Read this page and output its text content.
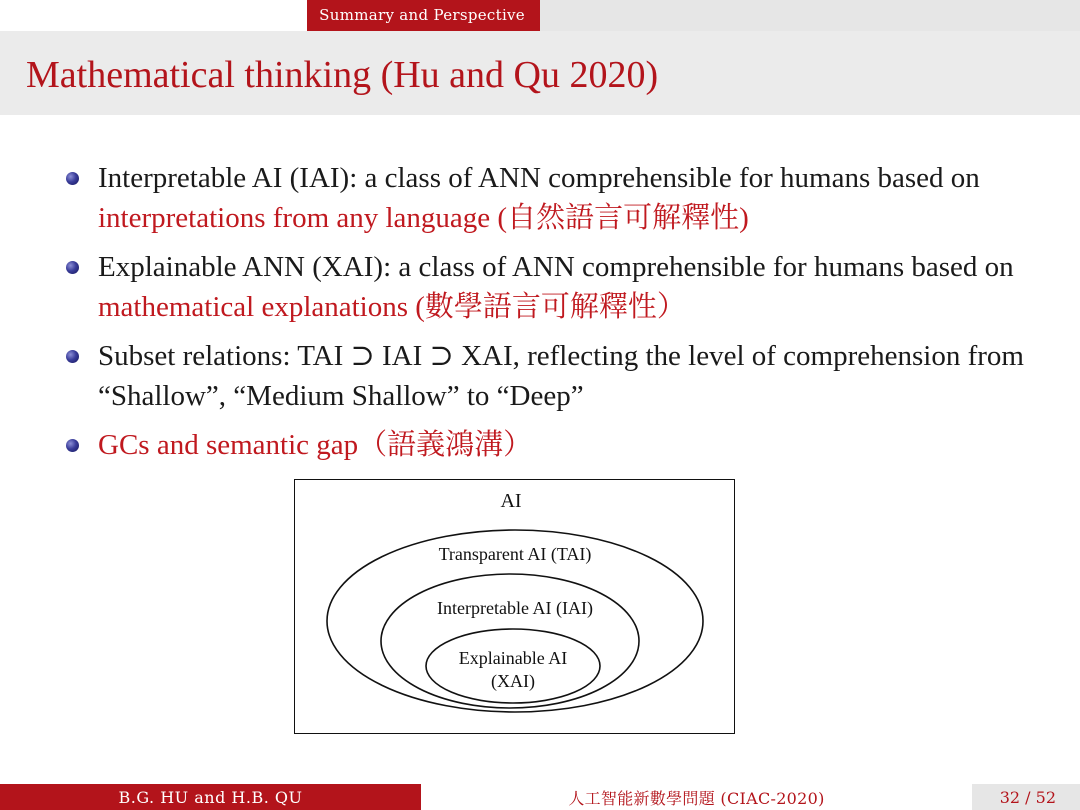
Summary and Perspective
Mathematical thinking (Hu and Qu 2020)
Interpretable AI (IAI): a class of ANN comprehensible for humans based on interpretations from any language (自然語言可解釋性)
Explainable ANN (XAI): a class of ANN comprehensible for humans based on mathematical explanations (數學語言可解釋性）
Subset relations: TAI ⊃ IAI ⊃ XAI, reflecting the level of comprehension from “Shallow”, “Medium Shallow” to “Deep”
GCs and semantic gap（語義鴻溝）
AI
Transparent AI (TAI)
Interpretable AI (IAI)
Explainable AI
(XAI)
B.G. HU and H.B. QU	人工智能新數學問題 (CIAC-2020)	32 / 52
